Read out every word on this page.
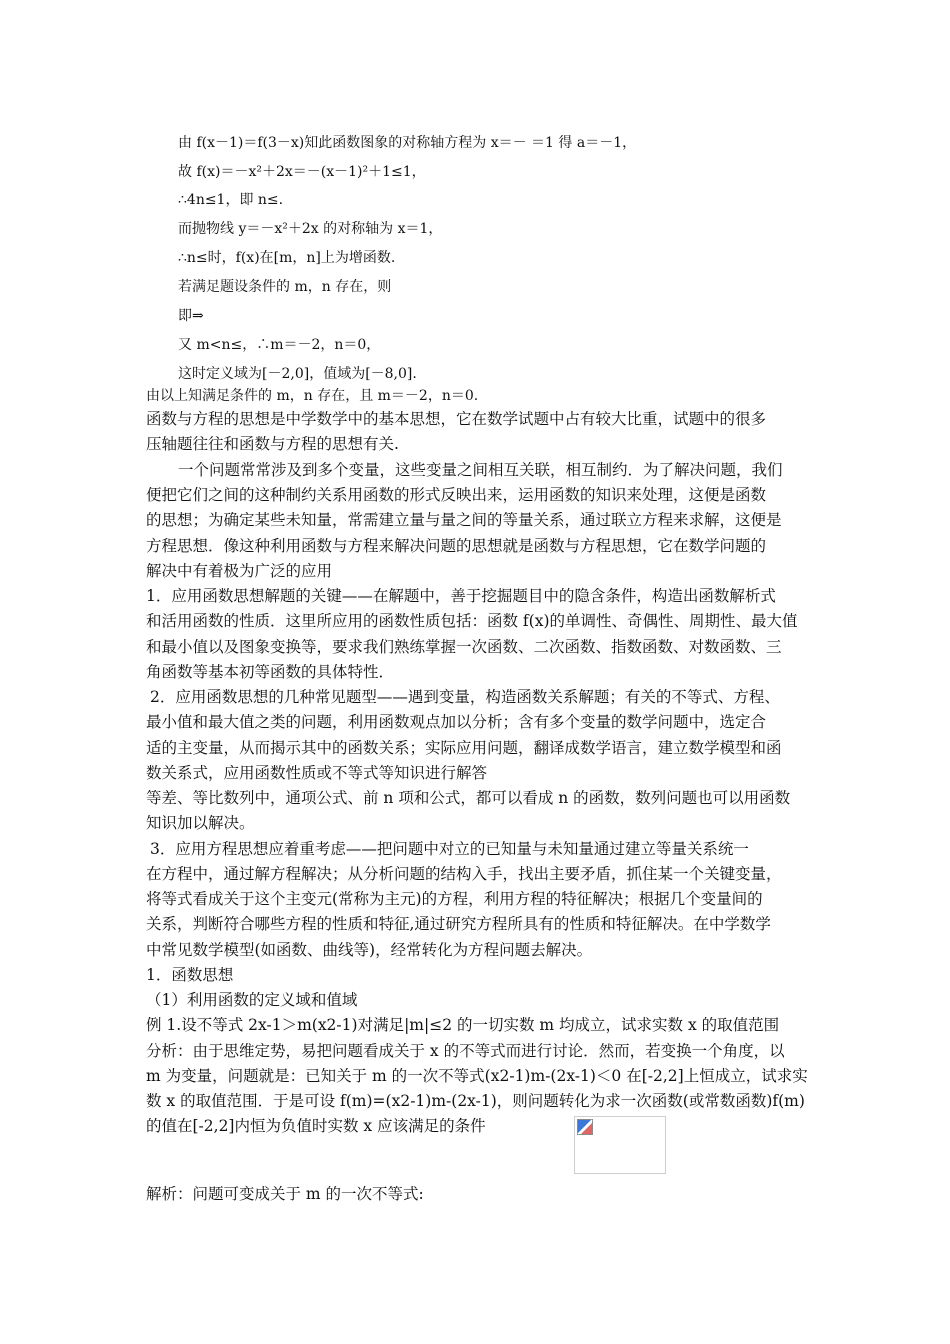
由 f(x－1)＝f(3－x)知此函数图象的对称轴方程为 x＝－ ＝1 得 a＝－1，
故 f(x)＝－x²＋2x＝－(x－1)²＋1≤1，
∴4n≤1，即 n≤.
而抛物线 y＝－x²＋2x 的对称轴为 x＝1，
∴n≤时，f(x)在[m，n]上为增函数.
若满足题设条件的 m，n 存在，则
即⇒
又 m<n≤，∴m＝－2，n＝0，
这时定义域为[－2,0]，值域为[－8,0].
由以上知满足条件的 m，n 存在，且 m＝－2，n＝0.
函数与方程的思想是中学数学中的基本思想，它在数学试题中占有较大比重，试题中的很多
压轴题往往和函数与方程的思想有关.
一个问题常常涉及到多个变量，这些变量之间相互关联，相互制约．为了解决问题，我们
便把它们之间的这种制约关系用函数的形式反映出来，运用函数的知识来处理，这便是函数
的思想；为确定某些未知量，常需建立量与量之间的等量关系，通过联立方程来求解，这便是
方程思想．像这种利用函数与方程来解决问题的思想就是函数与方程思想，它在数学问题的
解决中有着极为广泛的应用
1．应用函数思想解题的关键——在解题中，善于挖掘题目中的隐含条件，构造出函数解析式
和活用函数的性质．这里所应用的函数性质包括：函数 f(x)的单调性、奇偶性、周期性、最大值
和最小值以及图象变换等，要求我们熟练掌握一次函数、二次函数、指数函数、对数函数、三
角函数等基本初等函数的具体特性．
2．应用函数思想的几种常见题型——遇到变量，构造函数关系解题；有关的不等式、方程、
最小值和最大值之类的问题，利用函数观点加以分析；含有多个变量的数学问题中，选定合
适的主变量，从而揭示其中的函数关系；实际应用问题，翻译成数学语言，建立数学模型和函
数关系式，应用函数性质或不等式等知识进行解答
等差、等比数列中，通项公式、前 n 项和公式，都可以看成 n 的函数，数列问题也可以用函数
知识加以解决。
3．应用方程思想应着重考虑——把问题中对立的已知量与未知量通过建立等量关系统一
在方程中，通过解方程解决；从分析问题的结构入手，找出主要矛盾，抓住某一个关键变量，
将等式看成关于这个主变元(常称为主元)的方程，利用方程的特征解决；根据几个变量间的
关系，判断符合哪些方程的性质和特征,通过研究方程所具有的性质和特征解决。在中学数学
中常见数学模型(如函数、曲线等)，经常转化为方程问题去解决。
1．函数思想
（1）利用函数的定义域和值域
例 1.设不等式 2x-1＞m(x2-1)对满足|m|≤2 的一切实数 m 均成立，试求实数 x 的取值范围
分析：由于思维定势，易把问题看成关于 x 的不等式而进行讨论．然而，若变换一个角度，以
m 为变量，问题就是：已知关于 m 的一次不等式(x2-1)m-(2x-1)＜0 在[-2,2]上恒成立，试求实
数 x 的取值范围．于是可设 f(m)=(x2-1)m-(2x-1)，则问题转化为求一次函数(或常数函数)f(m)
的值在[-2,2]内恒为负值时实数 x 应该满足的条件
解析：问题可变成关于 m 的一次不等式:
